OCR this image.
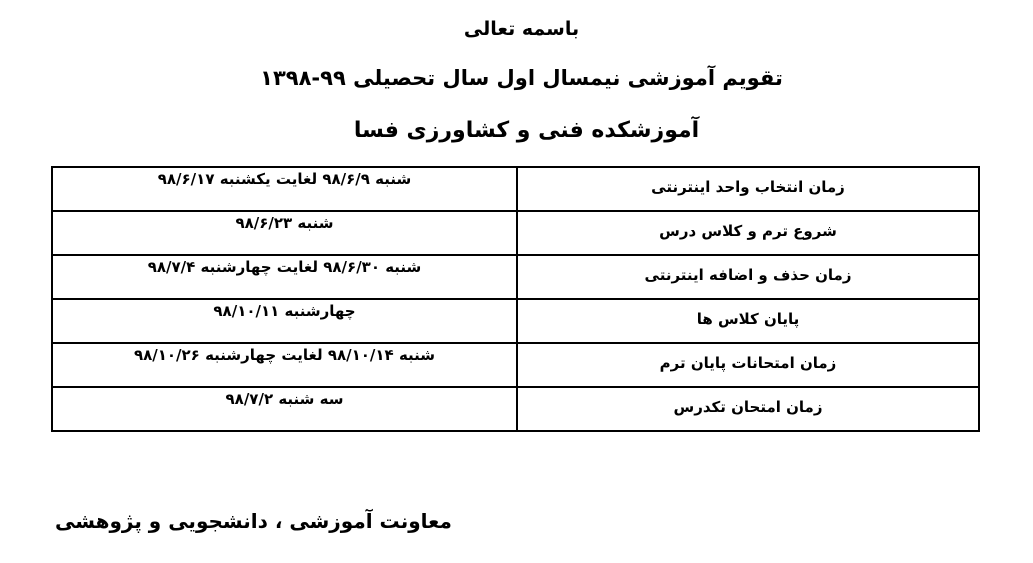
باسمه تعالی
تقویم آموزشی نیمسال اول سال تحصیلی ۹۹-۱۳۹۸
آموزشکده فنی و کشاورزی فسا
زمان انتخاب واحد اینترنتی	شنبه ۹۸/۶/۹ لغایت یکشنبه ۹۸/۶/۱۷
شروع ترم و کلاس درس	شنبه ۹۸/۶/۲۳
زمان حذف و اضافه اینترنتی	شنبه ۹۸/۶/۳۰ لغایت چهارشنبه ۹۸/۷/۴
پایان کلاس ها	چهارشنبه ۹۸/۱۰/۱۱
زمان امتحانات پایان ترم	شنبه ۹۸/۱۰/۱۴ لغایت چهارشنبه ۹۸/۱۰/۲۶
زمان امتحان تکدرس	سه شنبه ۹۸/۷/۲
معاونت آموزشی ، دانشجویی و پژوهشی
